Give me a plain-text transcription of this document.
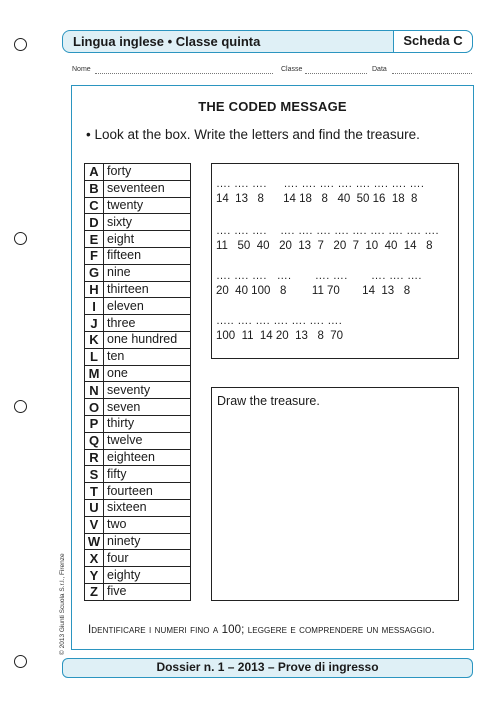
Lingua inglese • Classe quinta	Scheda C
Nome	Classe	Data
THE CODED MESSAGE
• Look at the box. Write the letters and find the treasure.
A	forty
B	seventeen
C	twenty
D	sixty
E	eight
F	fifteen
G	nine
H	thirteen
I	eleven
J	three
K	one hundred
L	ten
M	one
N	seventy
O	seven
P	thirty
Q	twelve
R	eighteen
S	fifty
T	fourteen
U	sixteen
V	two
W	ninety
X	four
Y	eighty
Z	five
…. …. ….     …. …. …. …. …. …. …. ….
14  13   8      14 18   8   40  50 16  18  8
…. …. ….    …. …. …. …. …. …. …. …. ….
11   50  40   20  13  7   20  7  10  40  14   8
…. …. ….   ….       …. ….       …. …. ….
20  40 100   8        11 70       14  13   8
….. …. …. …. …. …. ….
100  11  14 20  13   8  70
Draw the treasure.
Identificare i numeri fino a 100; leggere e comprendere un messaggio.
© 2013 Giunti Scuola S.r.l., Firenze
Dossier n. 1 – 2013 – Prove di ingresso
